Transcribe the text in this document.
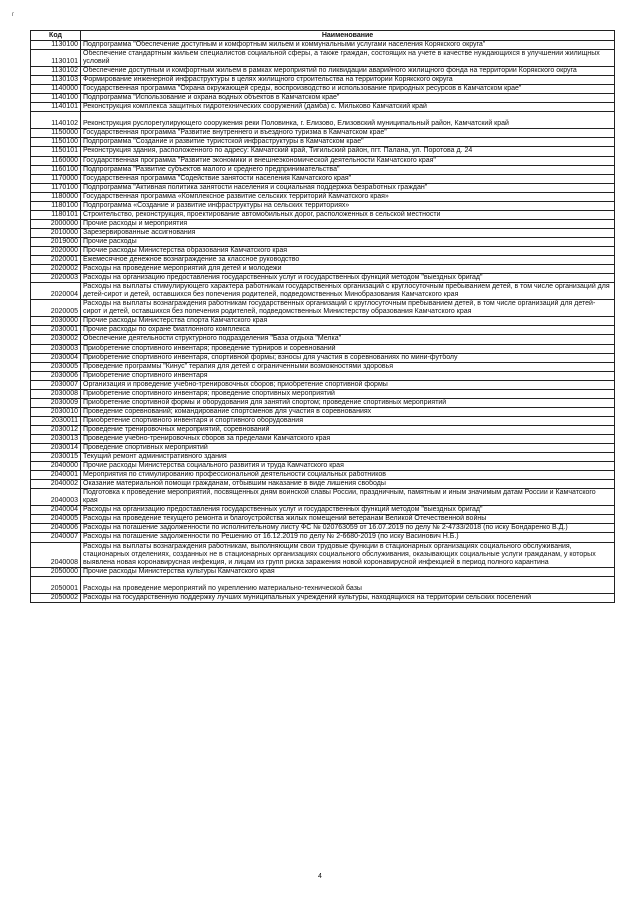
г
Код	Наименование
1130100	Подпрограмма "Обеспечение доступным и комфортным жильем и коммунальными услугами населения Корякского округа"
1130101	Обеспечение стандартным жильем специалистов социальной сферы, а также граждан, состоящих на учете в качестве нуждающихся в улучшении жилищных условий
1130102	Обеспечение доступным и комфортным жильем в рамках мероприятий по ликвидации аварийного жилищного фонда на территории Корякского округа
1130103	Формирование инженерной инфраструктуры в целях жилищного строительства на территории Корякского округа
1140000	Государственная программа "Охрана окружающей среды, воспроизводство и использование природных ресурсов в Камчатском крае"
1140100	Подпрограмма "Использование и охрана водных объектов в Камчатском крае"
1140101	Реконструкция комплекса защитных гидротехнических сооружений (дамба) с. Мильково Камчатский край
1140102	Реконструкция руслорегулирующего сооружения реки Половинка, г. Елизово, Елизовский муниципальный район, Камчатский край
1150000	Государственная программа "Развитие внутреннего и въездного туризма в Камчатском крае"
1150100	Подпрограмма "Создание и развитие туристской инфраструктуры в Камчатском крае"
1150101	Реконструкция здания, расположенного по адресу: Камчатский край, Тигильский район, пгт. Палана, ул. Поротова д. 24
1160000	Государственная программа "Развитие экономики и внешнеэкономической деятельности Камчатского края"
1160100	Подпрограмма "Развитие субъектов малого и среднего предпринимательства"
1170000	Государственная программа "Содействие занятости населения Камчатского края"
1170100	Подпрограмма "Активная политика занятости населения и социальная поддержка безработных граждан"
1180000	Государственная программа «Комплексное развитие сельских территорий Камчатского края»
1180100	Подпрограмма «Создание и развитие инфраструктуры на сельских территориях»
1180101	Строительство, реконструкция, проектирование автомобильных дорог, расположенных в сельской местности
2000000	Прочие расходы и мероприятия
2010000	Зарезервированные ассигнования
2019000	Прочие расходы
2020000	Прочие расходы Министерства образования Камчатского края
2020001	Ежемесячное денежное вознаграждение за классное руководство
2020002	Расходы на проведение мероприятий для детей и молодежи
2020003	Расходы на организацию предоставления государственных услуг и государственных функций методом "выездных бригад"
2020004	Расходы на выплаты стимулирующего характера работникам государственных организаций с круглосуточным пребыванием детей, в том числе организаций для детей-сирот и детей, оставшихся без попечения родителей, подведомственных Минобразования Камчатского края
2020005	Расходы на выплаты вознаграждения работникам государственных организаций с круглосуточным пребыванием детей, в том числе организаций для детей-сирот и детей, оставшихся без попечения родителей, подведомственных Министерству образования Камчатского края
2030000	Прочие расходы Министерства спорта Камчатского края
2030001	Прочие расходы по охране биатлонного комплекса
2030002	Обеспечение деятельности структурного подразделения "База отдыха "Мелка"
2030003	Приобретение спортивного инвентаря; проведение турниров и соревнований
2030004	Приобретение спортивного инвентаря, спортивной формы; взносы для участия в соревнованиях по мини-футболу
2030005	Проведение программы "Кинус" терапия для детей с ограниченными возможностями здоровья
2030006	Приобретение спортивного инвентаря
2030007	Организация и проведение учебно-тренировочных сборов; приобретение спортивной формы
2030008	Приобретение спортивного инвентаря; проведение спортивных мероприятий
2030009	Приобретение спортивной формы и оборудования для занятий спортом; проведение спортивных мероприятий
2030010	Проведение соревнований; командирование спортсменов для участия в соревнованиях
2030011	Приобретение спортивного инвентаря и спортивного оборудования
2030012	Проведение тренировочных мероприятий, соревнований
2030013	Проведение учебно-тренировочных сборов за пределами Камчатского края
2030014	Проведение спортивных мероприятий
2030015	Текущий ремонт административного здания
2040000	Прочие расходы Министерства социального развития и труда Камчатского края
2040001	Мероприятия по стимулированию профессиональной деятельности социальных работников
2040002	Оказание материальной помощи гражданам, отбывшим наказание в виде лишения свободы
2040003	Подготовка к проведение мероприятий, посвященных дням воинской славы России, праздничным, памятным и иным значимым датам России и Камчатского края
2040004	Расходы на организацию предоставления государственных услуг и государственных функций методом "выездных бригад"
2040005	Расходы на проведение текущего ремонта и благоустройства жилых помещений ветеранам Великой Отечественной войны
2040006	Расходы на погашение задолженности по исполнительному листу ФС № 020763059 от 16.07.2019 по делу № 2-4733/2018 (по иску Бондаренко В.Д.)
2040007	Расходы на погашение задолженности по Решению от 16.12.2019 по делу № 2-6680-2019 (по иску Васинович Н.Б.)
2040008	Расходы на выплаты вознаграждения работникам, выполняющим свои трудовые функции в стационарных организациях социального обслуживания, стационарных отделениях, созданных не в стационарных организациях социального обслуживания, оказывающих социальные услуги гражданам, у которых выявлена новая коронавирусная инфекция, и лицам из групп риска заражения новой коронавирусной инфекцией в период полного карантина
2050000	Прочие расходы Министерства культуры Камчатского края
2050001	Расходы на проведение мероприятий по укреплению материально-технической базы
2050002	Расходы на государственную поддержку лучших муниципальных учреждений культуры, находящихся на территории сельских поселений
4
